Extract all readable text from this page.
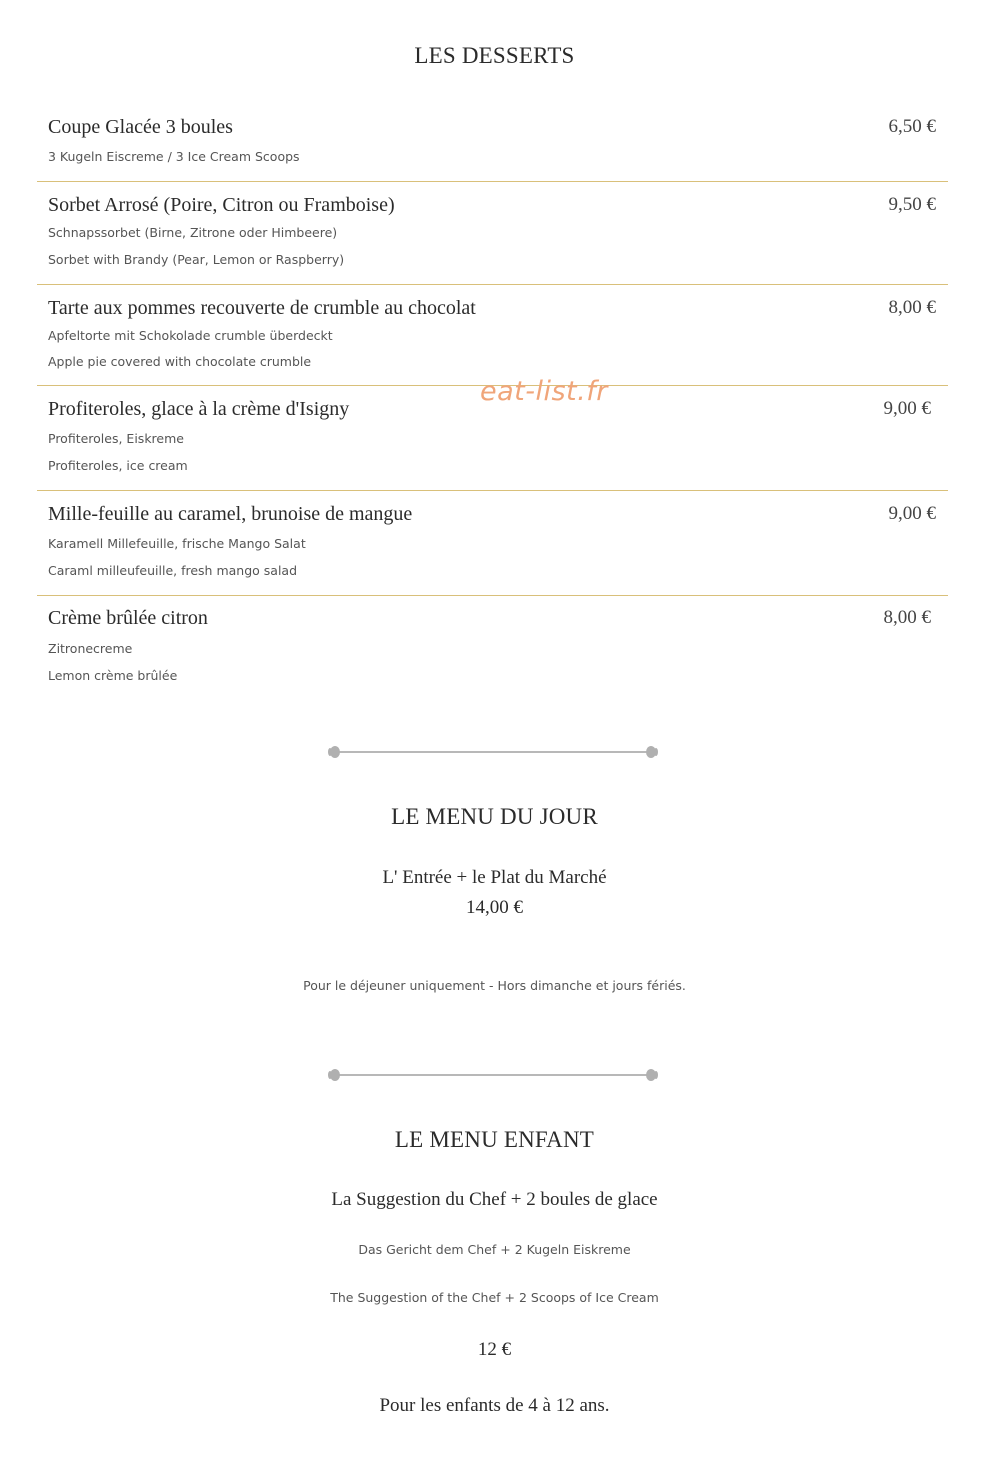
LES DESSERTS
Coupe Glacée 3 boules	6,50 €
3 Kugeln Eiscreme / 3 Ice Cream Scoops
Sorbet Arrosé (Poire, Citron ou Framboise)	9,50 €
Schnapssorbet (Birne, Zitrone oder Himbeere)
Sorbet with Brandy (Pear, Lemon or Raspberry)
Tarte aux pommes recouverte de crumble au chocolat	8,00 €
Apfeltorte mit Schokolade crumble überdeckt
Apple pie covered with chocolate crumble
Profiteroles, glace à la crème d'Isigny	9,00 €
Profiteroles, Eiskreme
Profiteroles, ice cream
Mille-feuille au caramel, brunoise de mangue	9,00 €
Karamell Millefeuille, frische Mango Salat
Caraml milleufeuille, fresh mango salad
Crème brûlée citron	8,00 €
Zitronecreme
Lemon crème brûlée
eat-list.fr
LE MENU DU JOUR
L' Entrée + le Plat du Marché
14,00 €
Pour le déjeuner uniquement - Hors dimanche et jours fériés.
LE MENU ENFANT
La Suggestion du Chef + 2 boules de glace
Das Gericht dem Chef + 2 Kugeln Eiskreme
The Suggestion of the Chef + 2 Scoops of Ice Cream
12 €
Pour les enfants de 4 à 12 ans.
